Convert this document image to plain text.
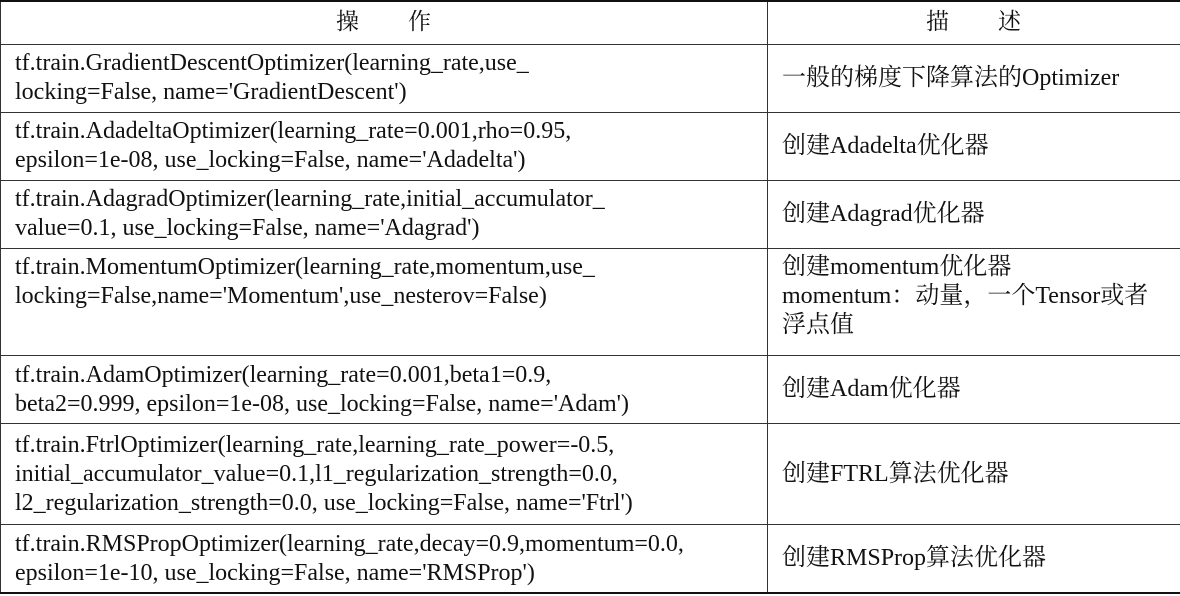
操　　作	描　　述

tf.train.GradientDescentOptimizer(learning_rate,use_
locking=False, name='GradientDescent')	一般的梯度下降算法的Optimizer

tf.train.AdadeltaOptimizer(learning_rate=0.001,rho=0.95,
epsilon=1e-08, use_locking=False, name='Adadelta')	创建Adadelta优化器

tf.train.AdagradOptimizer(learning_rate,initial_accumulator_
value=0.1, use_locking=False, name='Adagrad')	创建Adagrad优化器

tf.train.MomentumOptimizer(learning_rate,momentum,use_
locking=False,name='Momentum',use_nesterov=False)	创建momentum优化器
momentum：动量，一个Tensor或者浮点值

tf.train.AdamOptimizer(learning_rate=0.001,beta1=0.9,
beta2=0.999, epsilon=1e-08, use_locking=False, name='Adam')	创建Adam优化器

tf.train.FtrlOptimizer(learning_rate,learning_rate_power=-0.5,
initial_accumulator_value=0.1,l1_regularization_strength=0.0,
l2_regularization_strength=0.0, use_locking=False, name='Ftrl')	创建FTRL算法优化器

tf.train.RMSPropOptimizer(learning_rate,decay=0.9,momentum=0.0,
epsilon=1e-10, use_locking=False, name='RMSProp')	创建RMSProp算法优化器
